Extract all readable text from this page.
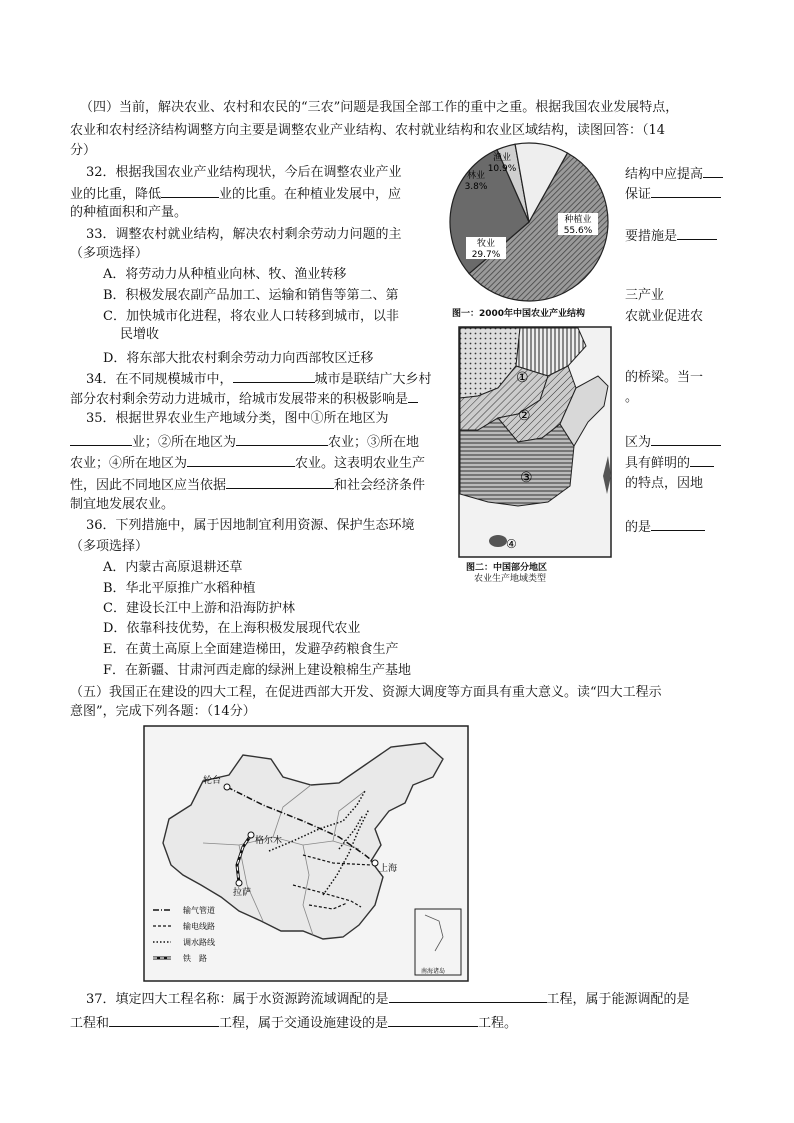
（四）当前，解决农业、农村和农民的“三农”问题是我国全部工作的重中之重。根据我国农业发展特点，
农业和农村经济结构调整方向主要是调整农业产业结构、农村就业结构和农业区域结构，读图回答：（14
分）
32．根据我国农业产业结构现状，今后在调整农业产业	结构中应提高
业的比重，降低	业的比重。在种植业发展中，应	保证
的种植面积和产量。
33．调整农村就业结构，解决农村剩余劳动力问题的主	要措施是
（多项选择）
A．将劳动力从种植业向林、牧、渔业转移
B．积极发展农副产品加工、运输和销售等第二、第	三产业
C．加快城市化进程，将农业人口转移到城市，以非	农就业促进农
民增收
D．将东部大批农村剩余劳动力向西部牧区迁移
34．在不同规模城市中，	城市是联结广大乡村	的桥梁。当一
部分农村剩余劳动力进城市，给城市发展带来的积极影响是	。
35．根据世界农业生产地域分类，图中①所在地区为
业；②所在地区为	农业；③所在地	区为
农业；④所在地区为	农业。这表明农业生产	具有鲜明的
性，因此不同地区应当依据	和社会经济条件	的特点，因地
制宜地发展农业。
36．下列措施中，属于因地制宜利用资源、保护生态环境	的是
（多项选择）
A．内蒙古高原退耕还草
B．华北平原推广水稻种植
C．建设长江中上游和沿海防护林
D．依靠科技优势，在上海积极发展现代农业
E．在黄土高原上全面建造梯田，发避孕药粮食生产
F．在新疆、甘肃河西走廊的绿洲上建设粮棉生产基地
种植业 55.6%
牧业 29.7%
林业 3.8%
渔业 10.9%
图一：2000年中国农业产业结构
①
②
③
④
图二：中国部分地区
农业生产地域类型
（五）我国正在建设的四大工程，在促进西部大开发、资源大调度等方面具有重大意义。读“四大工程示
意图”，完成下列各题：（14分）
轮台
格尔木
拉萨
上海
输气管道
输电线路
调水路线
铁　路
南海诸岛
37．填定四大工程名称：属于水资源跨流域调配的是	工程，属于能源调配的是
工程和	工程，属于交通设施建设的是	工程。
